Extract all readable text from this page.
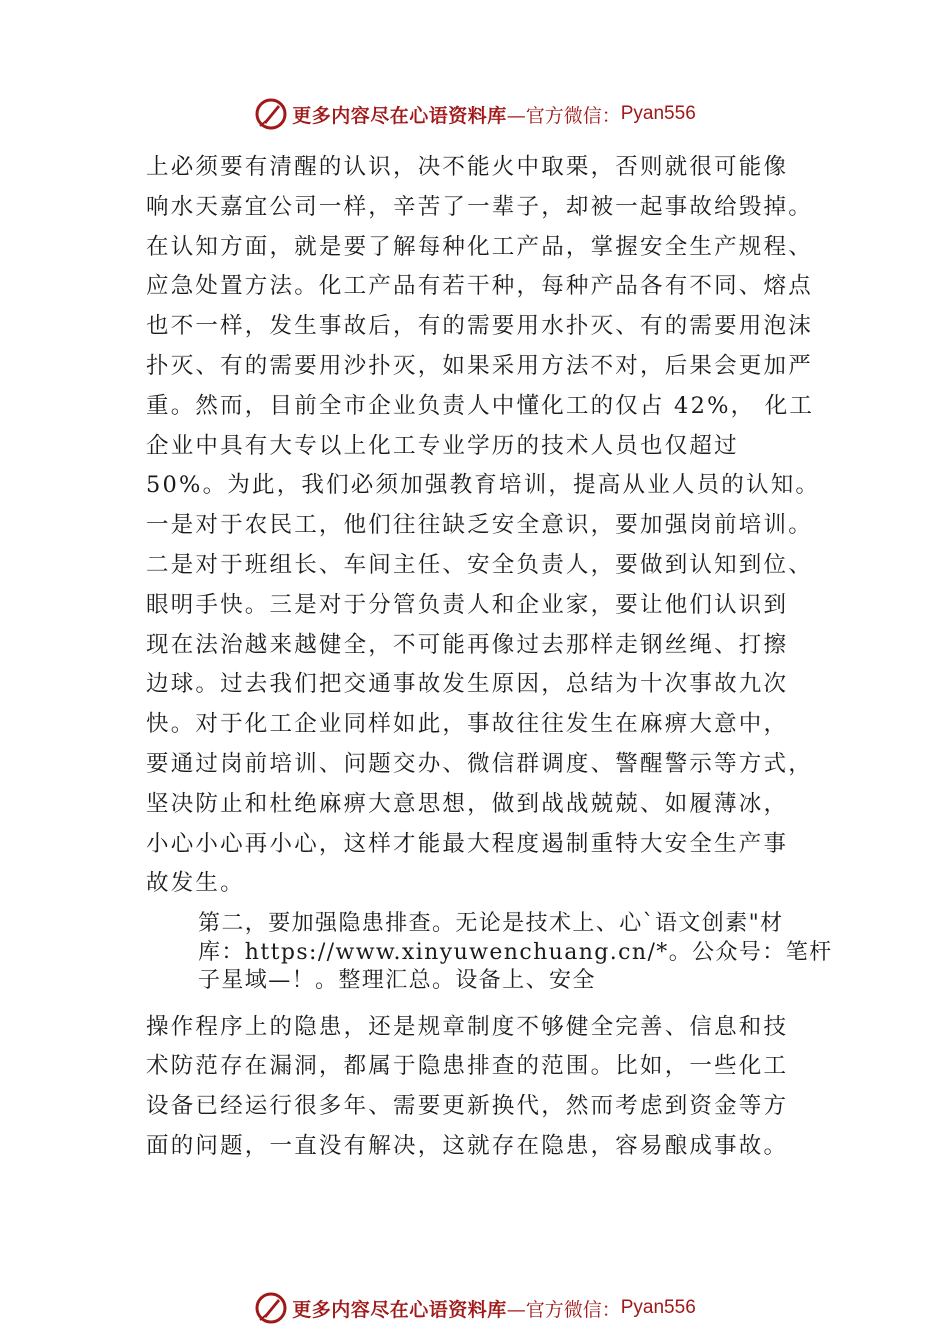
更多内容尽在心语资料库 —官方微信： Pyan556
上必须要有清醒的认识，决不能火中取栗，否则就很可能像
响水天嘉宜公司一样，辛苦了一辈子，却被一起事故给毁掉。
在认知方面，就是要了解每种化工产品，掌握安全生产规程、
应急处置方法。化工产品有若干种，每种产品各有不同、熔点
也不一样，发生事故后，有的需要用水扑灭、有的需要用泡沫
扑灭、有的需要用沙扑灭，如果采用方法不对，后果会更加严
重。然而，目前全市企业负责人中懂化工的仅占 42%， 化工
企业中具有大专以上化工专业学历的技术人员也仅超过
50%。为此，我们必须加强教育培训，提高从业人员的认知。
一是对于农民工，他们往往缺乏安全意识，要加强岗前培训。
二是对于班组长、车间主任、安全负责人，要做到认知到位、
眼明手快。三是对于分管负责人和企业家，要让他们认识到
现在法治越来越健全，不可能再像过去那样走钢丝绳、打擦
边球。过去我们把交通事故发生原因，总结为十次事故九次
快。对于化工企业同样如此，事故往往发生在麻痹大意中，
要通过岗前培训、问题交办、微信群调度、警醒警示等方式，
坚决防止和杜绝麻痹大意思想，做到战战兢兢、如履薄冰，
小心小心再小心，这样才能最大程度遏制重特大安全生产事
故发生。
第二，要加强隐患排查。无论是技术上、心`语文创素"材
库：https://www.xinyuwenchuang.cn/*。公众号：笔杆
子星域—！。整理汇总。设备上、安全
操作程序上的隐患，还是规章制度不够健全完善、信息和技
术防范存在漏洞，都属于隐患排查的范围。比如，一些化工
设备已经运行很多年、需要更新换代，然而考虑到资金等方
面的问题，一直没有解决，这就存在隐患，容易酿成事故。
更多内容尽在心语资料库 —官方微信： Pyan556
